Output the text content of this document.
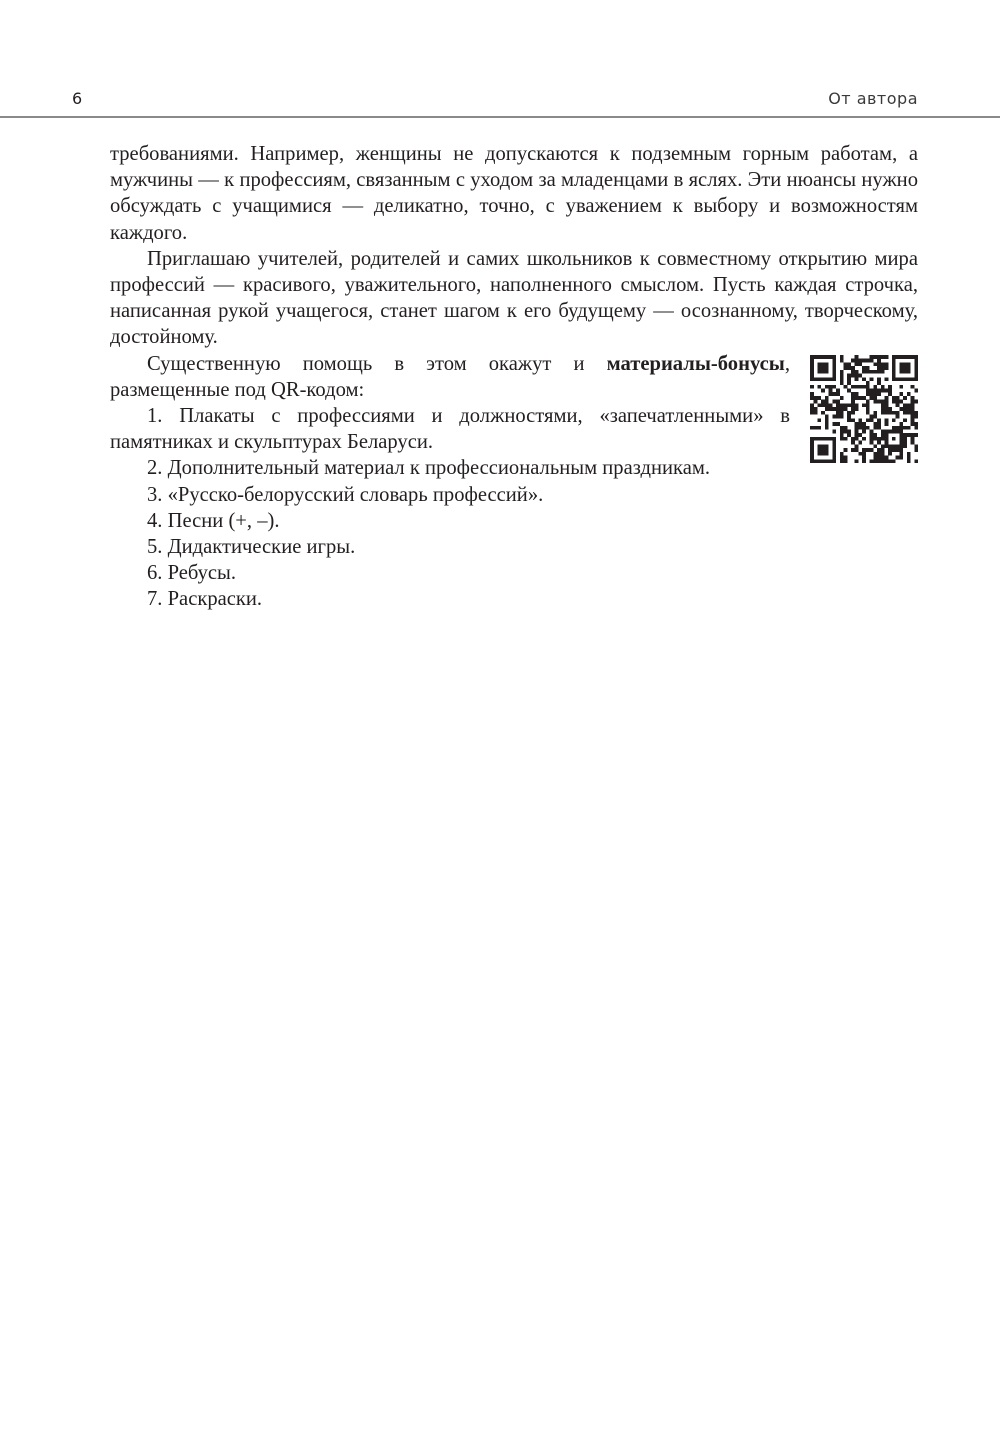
6	От автора

требованиями. Например, женщины не допускаются к подземным горным работам, а мужчины — к профессиям, связанным с уходом за младенцами в яслях. Эти нюансы нужно обсуждать с учащимися — деликатно, точно, с уважением к выбору и возможностям каждого.

Приглашаю учителей, родителей и самих школьников к совместному открытию мира профессий — красивого, уважительного, наполненного смыслом. Пусть каждая строчка, написанная рукой учащегося, станет шагом к его будущему — осознанному, творческому, достойному.

Существенную помощь в этом окажут и материалы-бонусы, размещенные под QR-кодом:

1. Плакаты с профессиями и должностями, «запечатленными» в памятниках и скульптурах Беларуси.

2. Дополнительный материал к профессиональным праздникам.

3. «Русско-белорусский словарь профессий».

4. Песни (+, –).

5. Дидактические игры.

6. Ребусы.

7. Раскраски.
